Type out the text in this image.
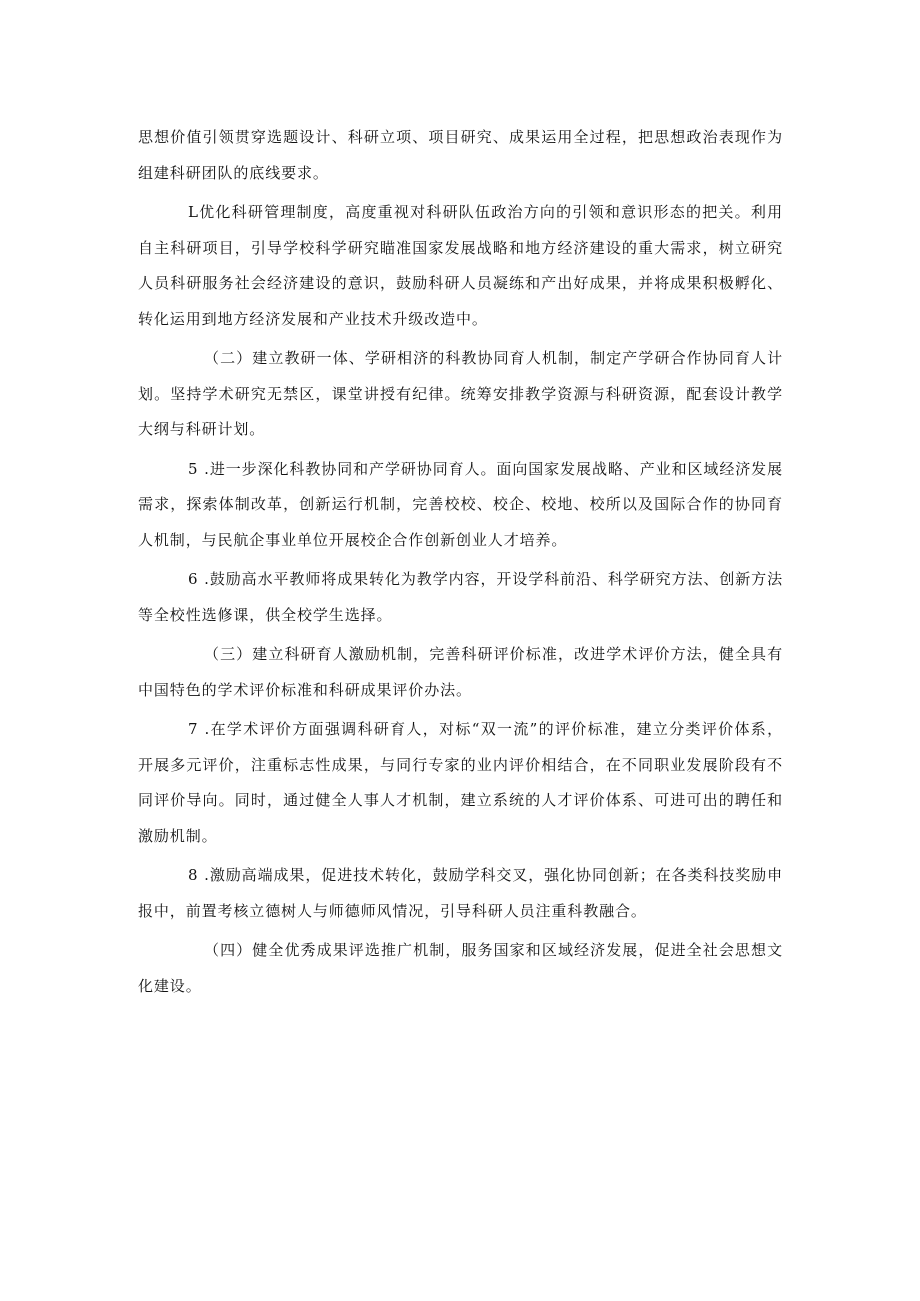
思想价值引领贯穿选题设计、科研立项、项目研究、成果运用全过程，把思想政治表现作为组建科研团队的底线要求。

L优化科研管理制度，高度重视对科研队伍政治方向的引领和意识形态的把关。利用自主科研项目，引导学校科学研究瞄准国家发展战略和地方经济建设的重大需求，树立研究人员科研服务社会经济建设的意识，鼓励科研人员凝练和产出好成果，并将成果积极孵化、转化运用到地方经济发展和产业技术升级改造中。

（二）建立教研一体、学研相济的科教协同育人机制，制定产学研合作协同育人计划。坚持学术研究无禁区，课堂讲授有纪律。统筹安排教学资源与科研资源，配套设计教学大纲与科研计划。

5 .进一步深化科教协同和产学研协同育人。面向国家发展战略、产业和区域经济发展需求，探索体制改革，创新运行机制，完善校校、校企、校地、校所以及国际合作的协同育人机制，与民航企事业单位开展校企合作创新创业人才培养。

6 .鼓励高水平教师将成果转化为教学内容，开设学科前沿、科学研究方法、创新方法等全校性选修课，供全校学生选择。

（三）建立科研育人激励机制，完善科研评价标准，改进学术评价方法，健全具有中国特色的学术评价标准和科研成果评价办法。

7 .在学术评价方面强调科研育人，对标“双一流”的评价标准，建立分类评价体系，开展多元评价，注重标志性成果，与同行专家的业内评价相结合，在不同职业发展阶段有不同评价导向。同时，通过健全人事人才机制，建立系统的人才评价体系、可进可出的聘任和激励机制。

8 .激励高端成果，促进技术转化，鼓励学科交叉，强化协同创新；在各类科技奖励申报中，前置考核立德树人与师德师风情况，引导科研人员注重科教融合。

（四）健全优秀成果评选推广机制，服务国家和区域经济发展，促进全社会思想文化建设。
